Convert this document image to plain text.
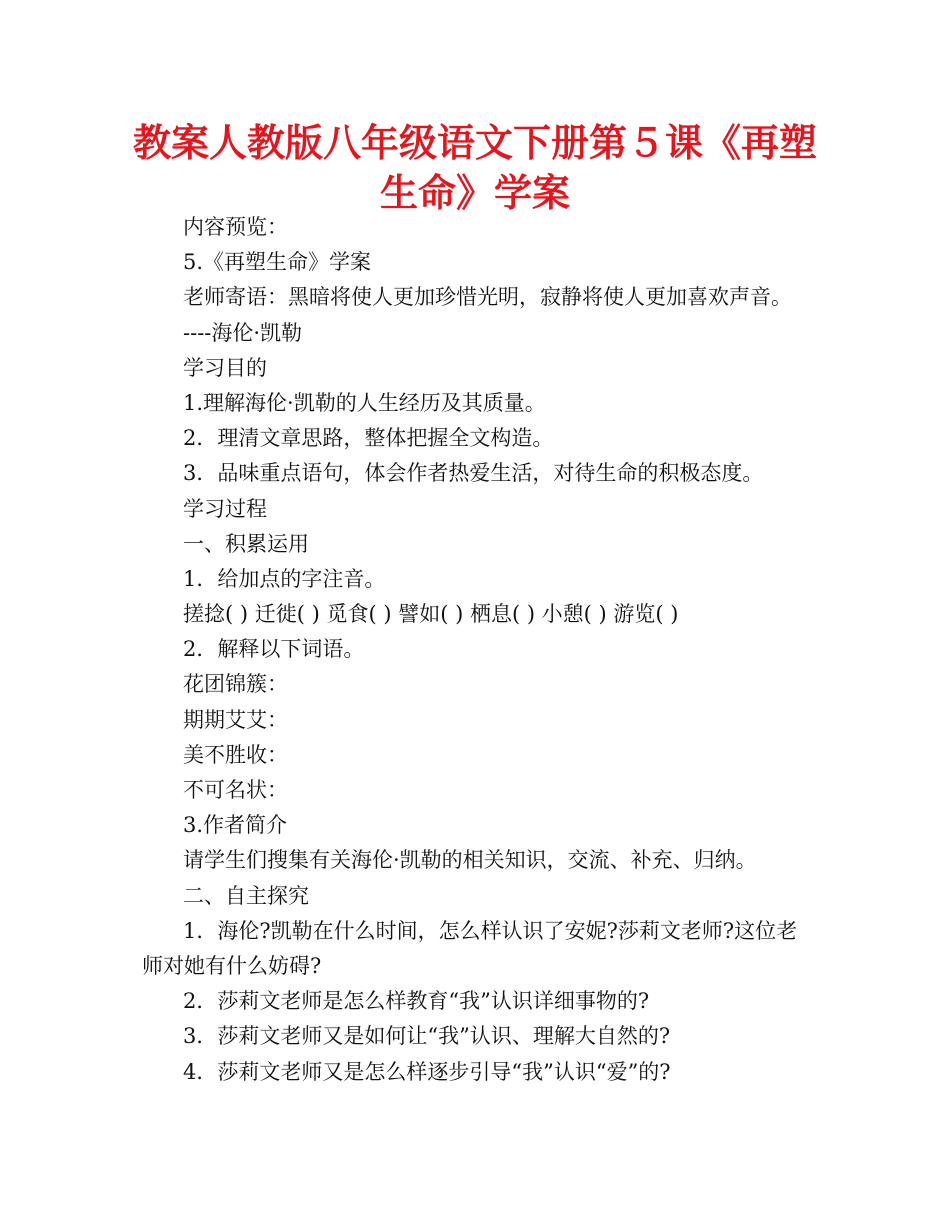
教案人教版八年级语文下册第５课《再塑生命》学案

内容预览：

5.《再塑生命》学案

老师寄语：黑暗将使人更加珍惜光明，寂静将使人更加喜欢声音。

----海伦·凯勒

学习目的

1.理解海伦·凯勒的人生经历及其质量。

2．理清文章思路，整体把握全文构造。

3．品味重点语句，体会作者热爱生活，对待生命的积极态度。

学习过程

一、积累运用

1．给加点的字注音。

搓捻( ) 迁徙( ) 觅食( ) 譬如( ) 栖息( ) 小憩( ) 游览( )

2．解释以下词语。

花团锦簇：

期期艾艾：

美不胜收：

不可名状：

3.作者简介

请学生们搜集有关海伦·凯勒的相关知识，交流、补充、归纳。

二、自主探究

1．海伦?凯勒在什么时间，怎么样认识了安妮?莎莉文老师?这位老师对她有什么妨碍?

2．莎莉文老师是怎么样教育“我”认识详细事物的?

3．莎莉文老师又是如何让“我”认识、理解大自然的?

4．莎莉文老师又是怎么样逐步引导“我”认识“爱”的?
